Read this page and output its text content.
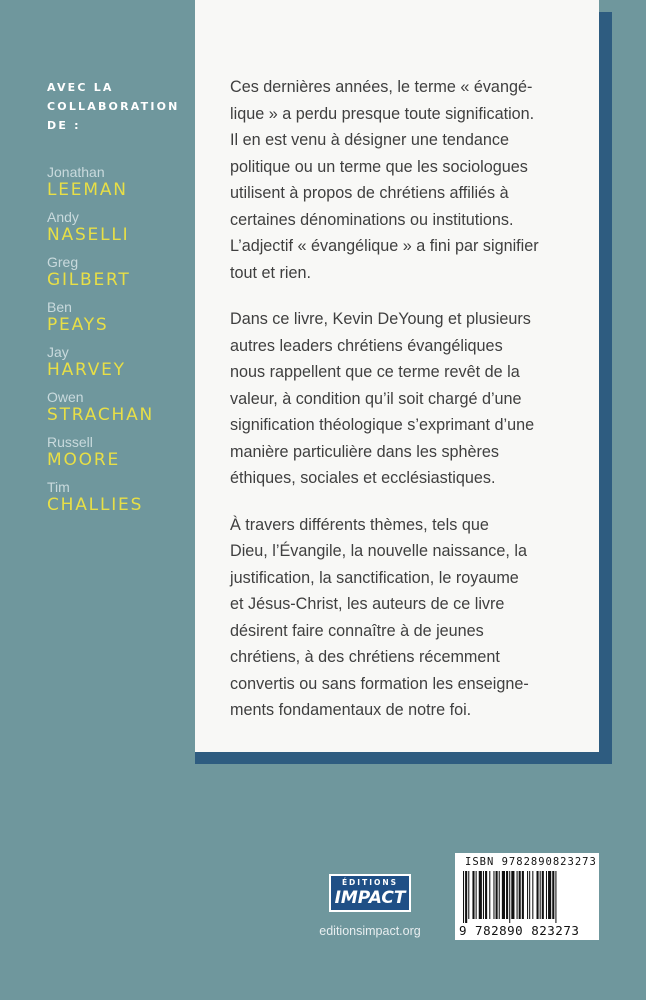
AVEC LA
COLLABORATION
DE :
Jonathan
LEEMAN
Andy
NASELLI
Greg
GILBERT
Ben
PEAYS
Jay
HARVEY
Owen
STRACHAN
Russell
MOORE
Tim
CHALLIES

Ces dernières années, le terme « évangé-
lique » a perdu presque toute signification.
Il en est venu à désigner une tendance
politique ou un terme que les sociologues
utilisent à propos de chrétiens affiliés à
certaines dénominations ou institutions.
L’adjectif « évangélique » a fini par signifier
tout et rien.

Dans ce livre, Kevin DeYoung et plusieurs
autres leaders chrétiens évangéliques
nous rappellent que ce terme revêt de la
valeur, à condition qu’il soit chargé d’une
signification théologique s’exprimant d’une
manière particulière dans les sphères
éthiques, sociales et ecclésiastiques.

À travers différents thèmes, tels que
Dieu, l’Évangile, la nouvelle naissance, la
justification, la sanctification, le royaume
et Jésus-Christ, les auteurs de ce livre
désirent faire connaître à de jeunes
chrétiens, à des chrétiens récemment
convertis ou sans formation les enseigne-
ments fondamentaux de notre foi.

ÉDITIONS
IMPACT
editionsimpact.org
ISBN 9782890823273
9 782890 823273
